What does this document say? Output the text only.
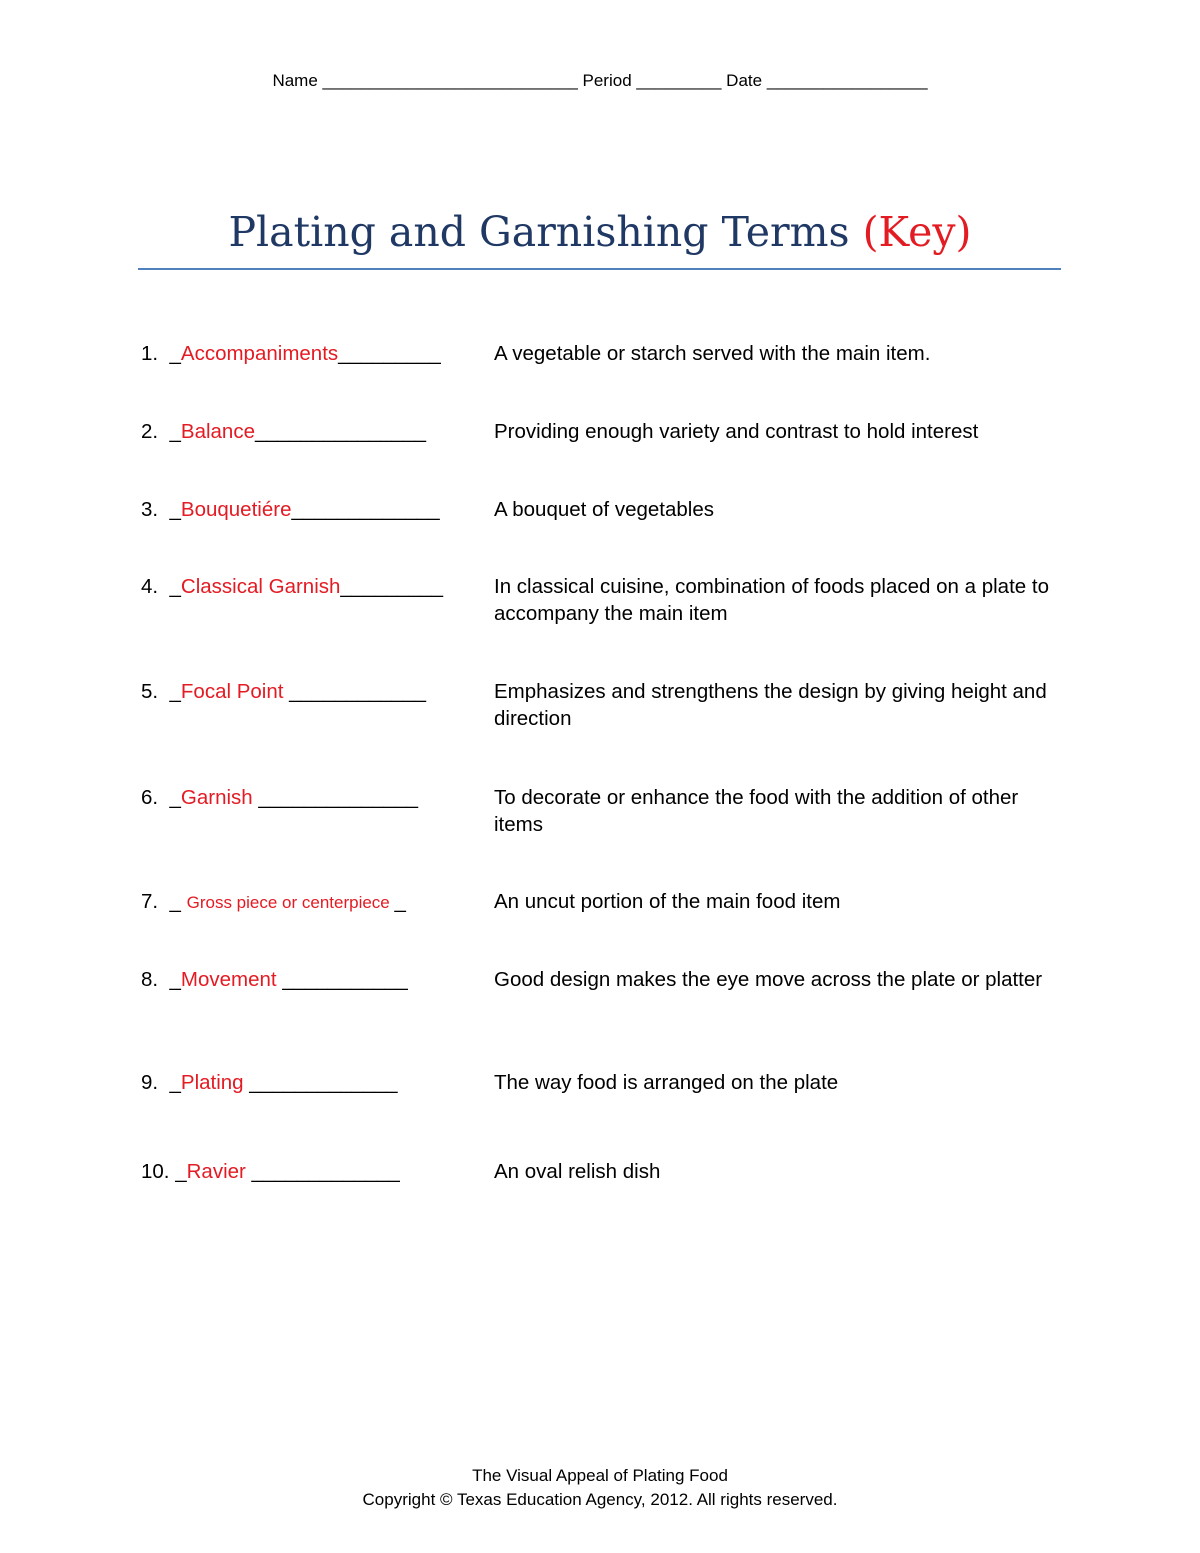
Name ___________________________ Period _________ Date _________________
Plating and Garnishing Terms (Key)
1.  _Accompaniments_________	A vegetable or starch served with the main item.
2.  _Balance_______________	Providing enough variety and contrast to hold interest
3.  _Bouquetiére_____________	A bouquet of vegetables
4.  _Classical Garnish_________ In classical cuisine, combination of foods placed on a plate to accompany the main item
5.  _Focal Point ____________	Emphasizes and strengthens the design by giving height and direction
6.  _Garnish ______________	To decorate or enhance the food with the addition of other items
7.  _ Gross piece or centerpiece _	An uncut portion of the main food item
8.  _Movement ___________	Good design makes the eye move across the plate or platter
9.  _Plating _____________	The way food is arranged on the plate
10. _Ravier _____________	An oval relish dish
The Visual Appeal of Plating Food
Copyright © Texas Education Agency, 2012. All rights reserved.
